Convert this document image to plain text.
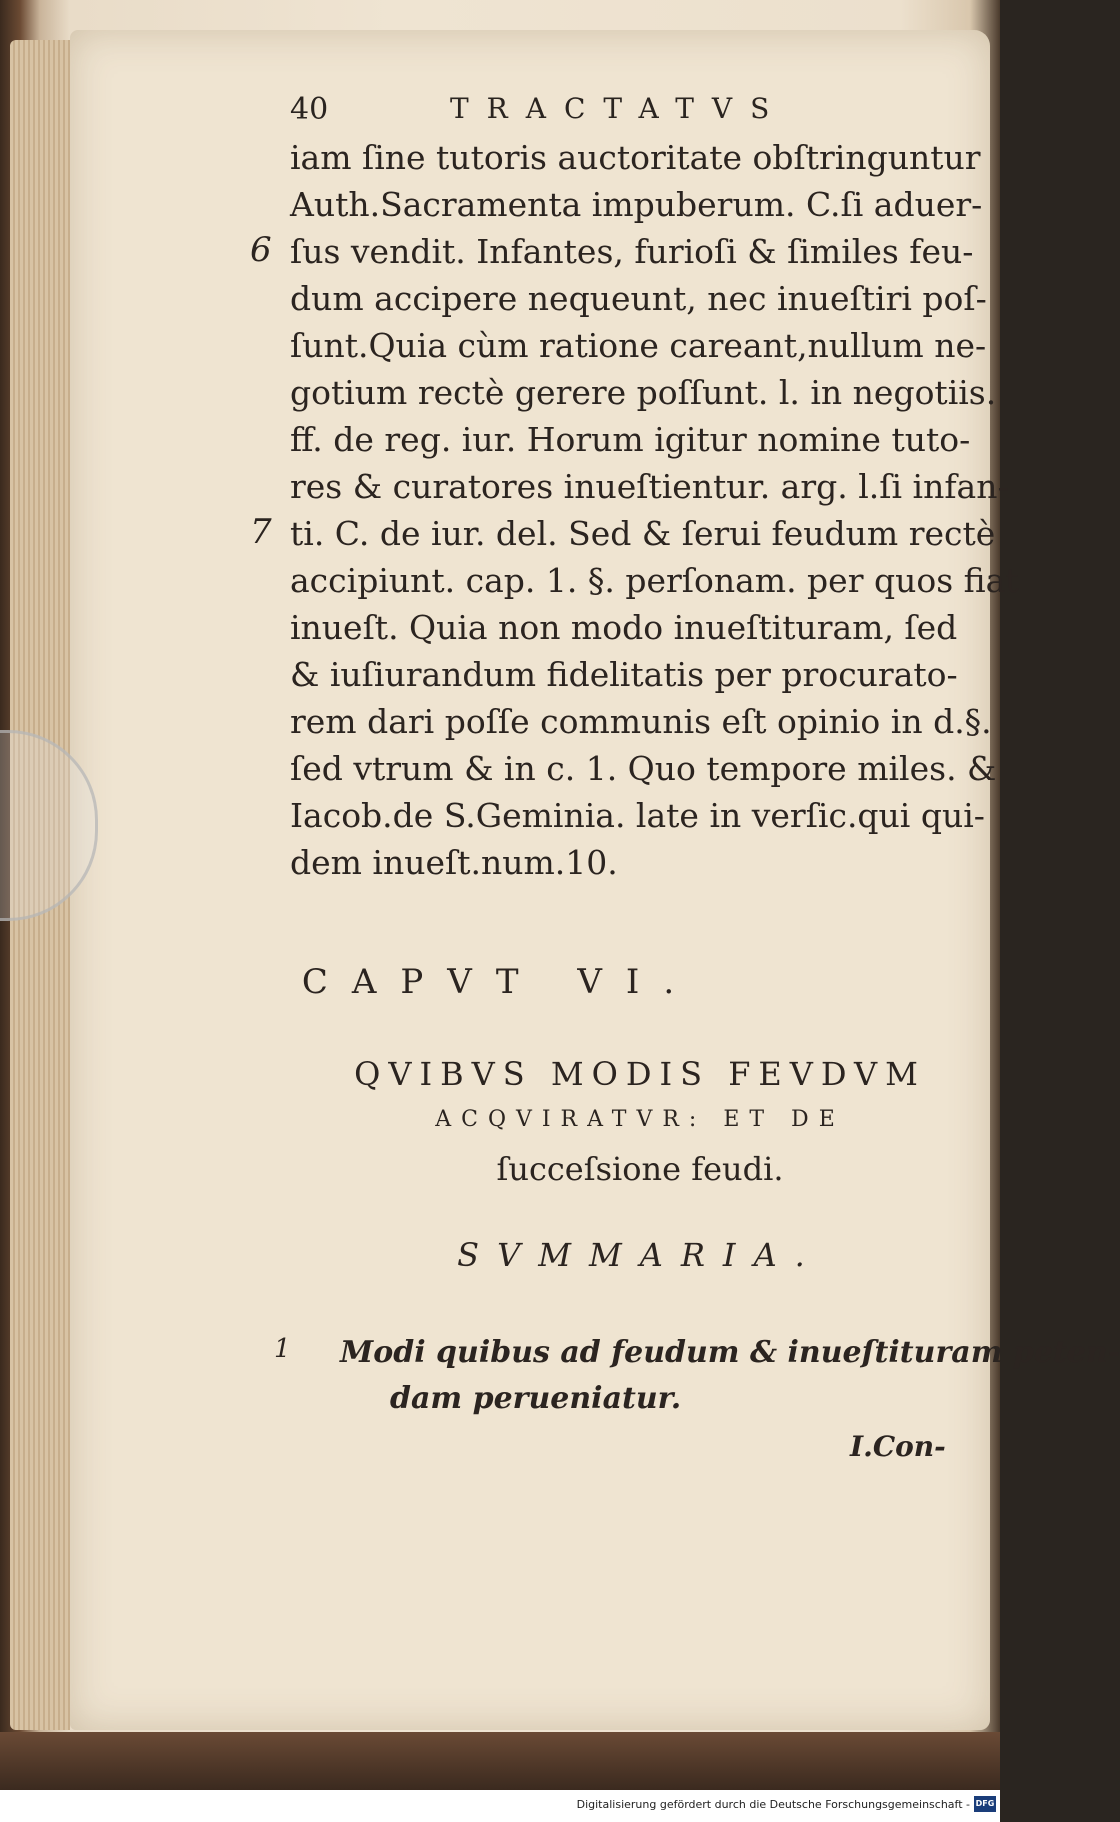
40	TRACTATVS
iam ſine tutoris auctoritate obſtringuntur
Auth.Sacramenta impuberum. C.ſi aduer-
ſus vendit. Infantes, furioſi & ſimiles feu-
dum accipere nequeunt, nec inueſtiri poſ-
ſunt.Quia cùm ratione careant,nullum ne-
gotium rectè gerere poſſunt. l. in negotiis.
ff. de reg. iur. Horum igitur nomine tuto-
res & curatores inueſtientur. arg. l.ſi infan-
ti. C. de iur. del. Sed & ſerui feudum rectè
accipiunt. cap. 1. §. perſonam. per quos fiat
inueſt. Quia non modo inueſtituram, ſed
& iuſiurandum fidelitatis per procurato-
rem dari poſſe communis eſt opinio in d.§.
ſed vtrum & in c. 1. Quo tempore miles. &
Iacob.de S.Geminia. late in verſic.qui qui-
dem inueſt.num.10.
6
7
CAPVT VI.
QVIBVS MODIS FEVDVM
ACQVIRATVR: ET DE
ſucceſsione feudi.
SVMMARIA.
1 Modi quibus ad feudum & inueſtituram peten-
dam perueniatur.
I.Con-
Digitalisierung gefördert durch die Deutsche Forschungsgemeinschaft - DFG
